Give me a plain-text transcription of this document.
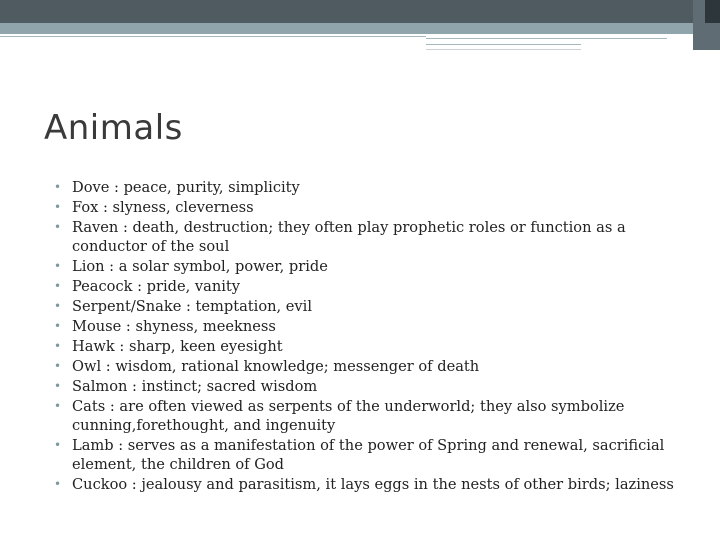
Animals
• Dove : peace, purity, simplicity
• Fox : slyness, cleverness
• Raven : death, destruction; they often play prophetic roles or function as a conductor of the soul
• Lion : a solar symbol, power, pride
• Peacock : pride, vanity
• Serpent/Snake : temptation, evil
• Mouse : shyness, meekness
• Hawk : sharp, keen eyesight
• Owl : wisdom, rational knowledge; messenger of death
• Salmon : instinct; sacred wisdom
• Cats : are often viewed as serpents of the underworld; they also symbolize cunning,forethought, and ingenuity
• Lamb : serves as a manifestation of the power of Spring and renewal, sacrificial element, the children of God
• Cuckoo : jealousy and parasitism, it lays eggs in the nests of other birds; laziness
